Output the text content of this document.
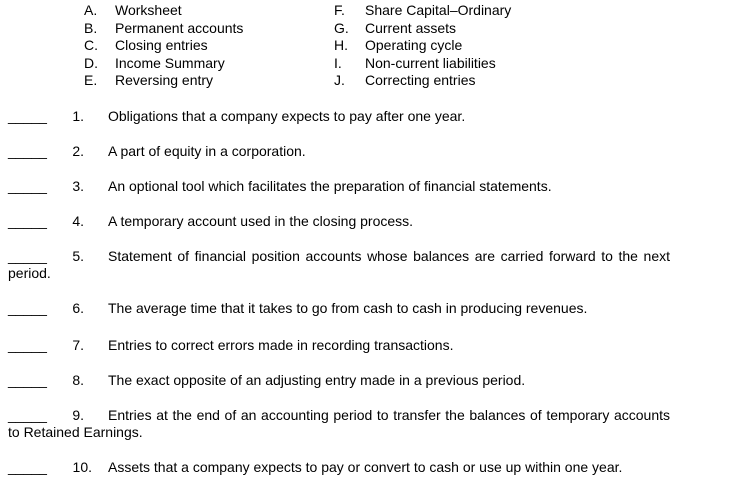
A. Worksheet
B. Permanent accounts
C. Closing entries
D. Income Summary
E. Reversing entry
F. Share Capital–Ordinary
G. Current assets
H. Operating cycle
I. Non-current liabilities
J. Correcting entries
_____	1. Obligations that a company expects to pay after one year.
_____	2. A part of equity in a corporation.
_____	3. An optional tool which facilitates the preparation of financial statements.
_____	4. A temporary account used in the closing process.
_____	5.	Statement of financial position accounts whose balances are carried forward to the next period.
_____	6. The average time that it takes to go from cash to cash in producing revenues.
_____	7. Entries to correct errors made in recording transactions.
_____	8. The exact opposite of an adjusting entry made in a previous period.
_____	9.	Entries at the end of an accounting period to transfer the balances of temporary accounts to Retained Earnings.
_____ 10. Assets that a company expects to pay or convert to cash or use up within one year.
